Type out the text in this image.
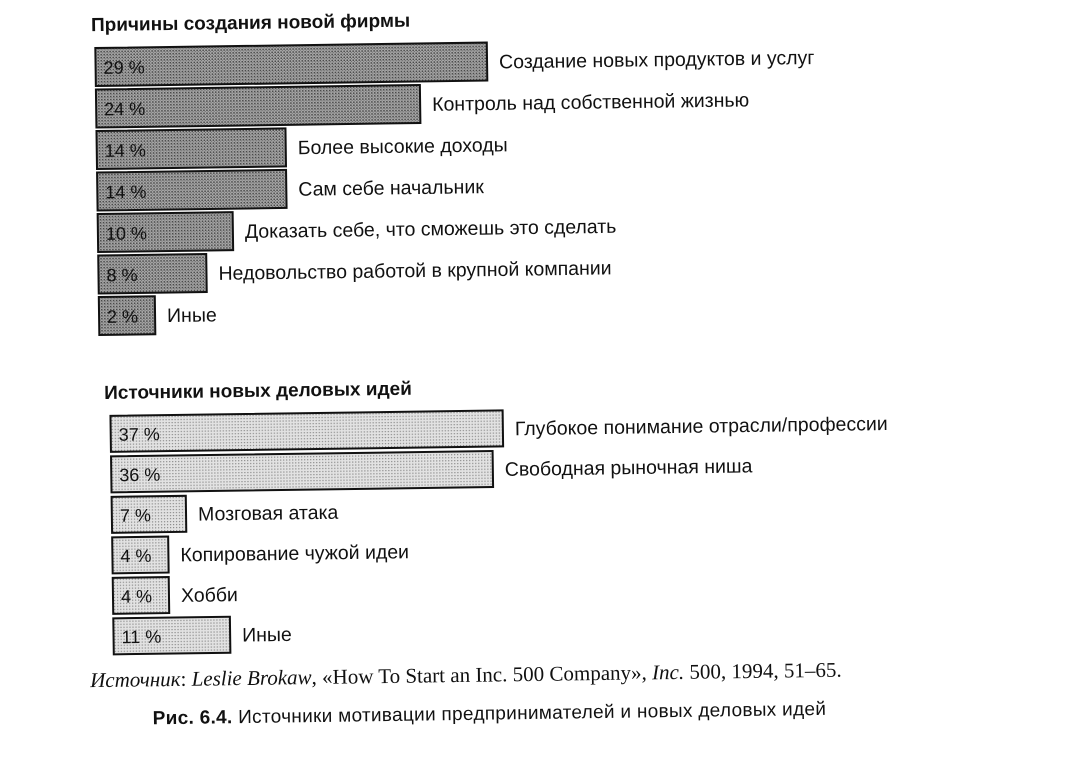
Причины создания новой фирмы
29 %	Создание новых продуктов и услуг
24 %	Контроль над собственной жизнью
14 %	Более высокие доходы
14 %	Сам себе начальник
10 %	Доказать себе, что сможешь это сделать
8 %	Недовольство работой в крупной компании
2 % Иные
Источники новых деловых идей
37 %	Глубокое понимание отрасли/профессии
36 %	Свободная рыночная ниша
7 % Мозговая атака
4 % Копирование чужой идеи
4 % Хобби
11 %	Иные
Источник: Leslie Brokaw, «How To Start an Inc. 500 Company», Inc. 500, 1994, 51–65.
Рис. 6.4. Источники мотивации предпринимателей и новых деловых идей
